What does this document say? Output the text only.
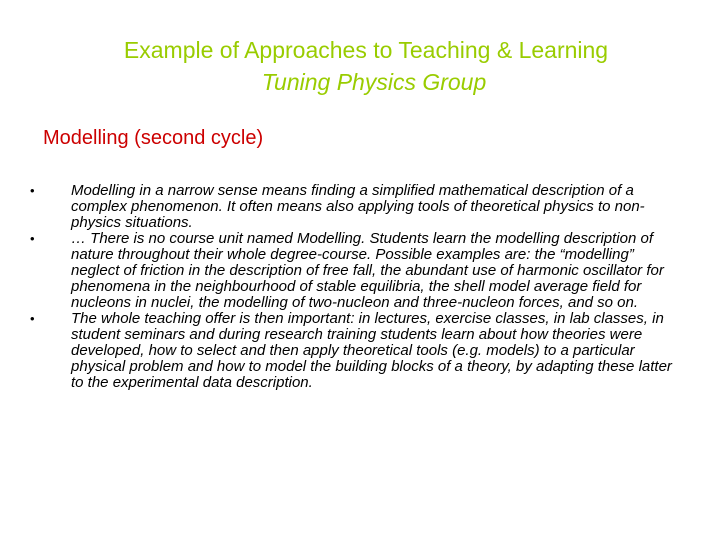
Example of Approaches to Teaching & Learning
Tuning Physics Group
Modelling (second cycle)
• Modelling in a narrow sense means finding a simplified mathematical description of a complex phenomenon. It often means also applying tools of theoretical physics to non-physics situations.
• … There is no course unit named Modelling. Students learn the modelling description of nature throughout their whole degree-course. Possible examples are: the “modelling” neglect of friction in the description of free fall, the abundant use of harmonic oscillator for phenomena in the neighbourhood of stable equilibria, the shell model average field for nucleons in nuclei, the modelling of two-nucleon and three-nucleon forces, and so on.
• The whole teaching offer is then important: in lectures, exercise classes, in lab classes, in student seminars and during research training students learn about how theories were developed, how to select and then apply theoretical tools (e.g. models) to a particular physical problem and how to model the building blocks of a theory, by adapting these latter to the experimental data description.
